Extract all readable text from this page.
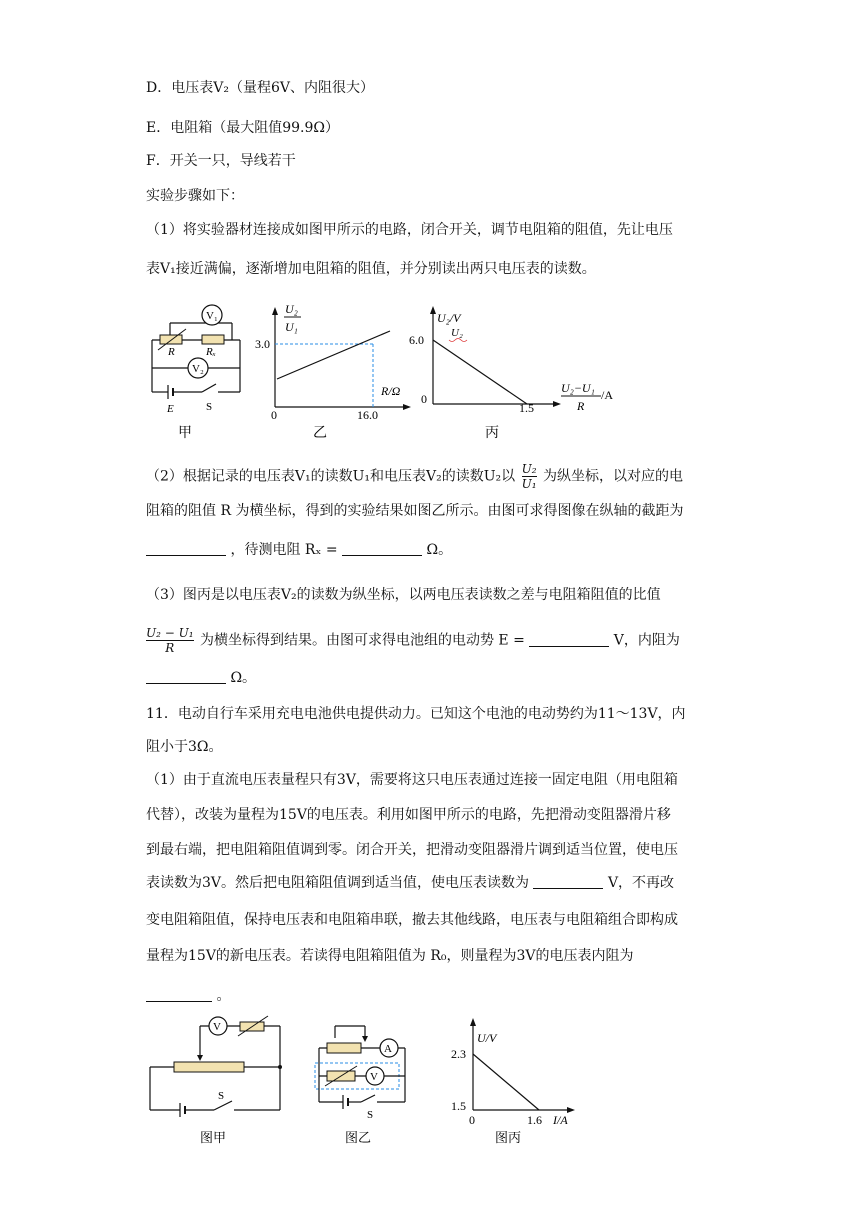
D．电压表V₂（量程6V、内阻很大）
E．电阻箱（最大阻值99.9Ω）
F．开关一只，导线若干
实验步骤如下：
（1）将实验器材连接成如图甲所示的电路，闭合开关，调节电阻箱的阻值，先让电压
表V₁接近满偏，逐渐增加电阻箱的阻值，并分别读出两只电压表的读数。
V₁
R	Rₓ
V₂
E	S
甲
U₂
U₁
3.0
R/Ω
0	16.0
乙
U₂/V
U₂
6.0
0
1.5
U₂−U₁
R
/A
丙
（2）根据记录的电压表V₁的读数U₁和电压表V₂的读数U₂以 $\frac{\text{U₂}}{\text{U₁}}$ 为纵坐标，以对应的电
阻箱的阻值 R 为横坐标，得到的实验结果如图乙所示。由图可求得图像在纵轴的截距为
，待测电阻 Rₓ =	Ω。
（3）图丙是以电压表V₂的读数为纵坐标，以两电压表读数之差与电阻箱阻值的比值
$\frac{\text{U₂ − U₁}}{R}$ 为横坐标得到结果。由图可求得电池组的电动势 E =	V，内阻为
Ω。
11．电动自行车采用充电电池供电提供动力。已知这个电池的电动势约为11～13V，内
阻小于3Ω。
（1）由于直流电压表量程只有3V，需要将这只电压表通过连接一固定电阻（用电阻箱
代替），改装为量程为15V的电压表。利用如图甲所示的电路，先把滑动变阻器滑片移
到最右端，把电阻箱阻值调到零。闭合开关，把滑动变阻器滑片调到适当位置，使电压
表读数为3V。然后把电阻箱阻值调到适当值，使电压表读数为	V，不再改
变电阻箱阻值，保持电压表和电阻箱串联，撤去其他线路，电压表与电阻箱组合即构成
量程为15V的新电压表。若读得电阻箱阻值为 R₀，则量程为3V的电压表内阻为
。
V
S
图甲
A
V
S
图乙
U/V
2.3
1.5
0	1.6 I/A
图丙
